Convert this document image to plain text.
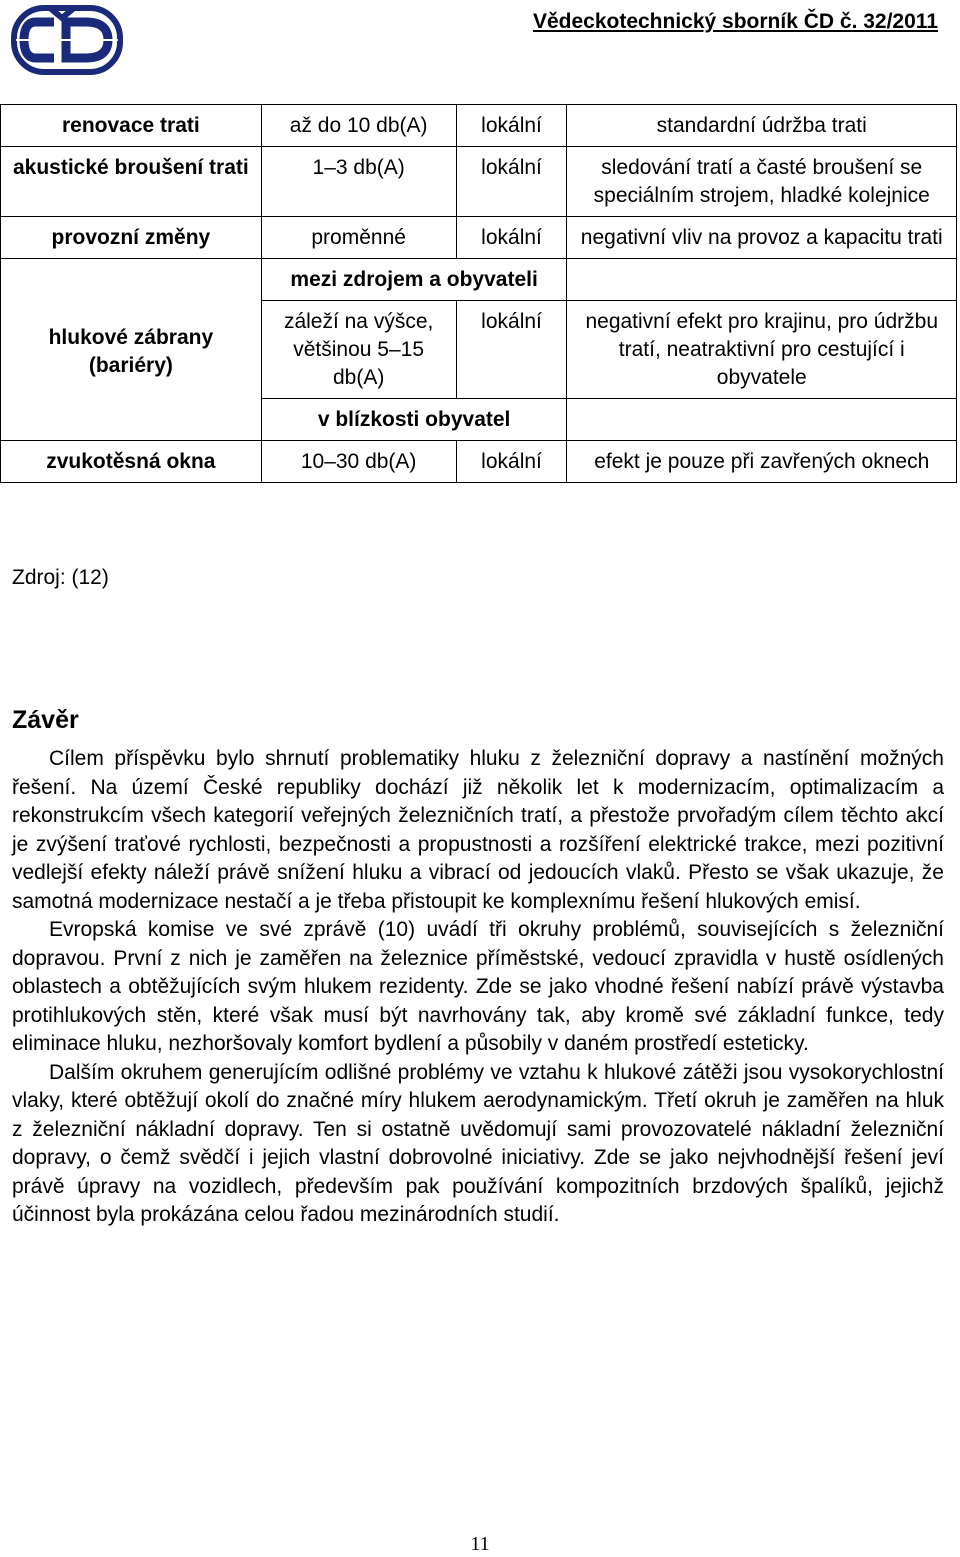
Vědeckotechnický sborník ČD č. 32/2011
renovace trati	až do 10 db(A)	lokální	standardní údržba trati
akustické broušení trati	1–3 db(A)	lokální	sledování tratí a časté broušení se speciálním strojem, hladké kolejnice
provozní změny	proměnné	lokální	negativní vliv na provoz a kapacitu trati
hlukové zábrany (bariéry)	mezi zdrojem a obyvateli		
	záleží na výšce, většinou 5–15 db(A)	lokální	negativní efekt pro krajinu, pro údržbu tratí, neatraktivní pro cestující i obyvatele
	v blízkosti obyvatel		
zvukotěsná okna	10–30 db(A)	lokální	efekt je pouze při zavřených oknech
Zdroj: (12)
Závěr

Cílem příspěvku bylo shrnutí problematiky hluku z železniční dopravy a nastínění možných řešení. Na území České republiky dochází již několik let k modernizacím, optimalizacím a rekonstrukcím všech kategorií veřejných železničních tratí, a přestože prvořadým cílem těchto akcí je zvýšení traťové rychlosti, bezpečnosti a propustnosti a rozšíření elektrické trakce, mezi pozitivní vedlejší efekty náleží právě snížení hluku a vibrací od jedoucích vlaků. Přesto se však ukazuje, že samotná modernizace nestačí a je třeba přistoupit ke komplexnímu řešení hlukových emisí.

Evropská komise ve své zprávě (10) uvádí tři okruhy problémů, souvisejících s železniční dopravou. První z nich je zaměřen na železnice příměstské, vedoucí zpravidla v hustě osídlených oblastech a obtěžujících svým hlukem rezidenty. Zde se jako vhodné řešení nabízí právě výstavba protihlukových stěn, které však musí být navrhovány tak, aby kromě své základní funkce, tedy eliminace hluku, nezhoršovaly komfort bydlení a působily v daném prostředí esteticky.

Dalším okruhem generujícím odlišné problémy ve vztahu k hlukové zátěži jsou vysokorychlostní vlaky, které obtěžují okolí do značné míry hlukem aerodynamickým. Třetí okruh je zaměřen na hluk z železniční nákladní dopravy. Ten si ostatně uvědomují sami provozovatelé nákladní železniční dopravy, o čemž svědčí i jejich vlastní dobrovolné iniciativy. Zde se jako nejvhodnější řešení jeví právě úpravy na vozidlech, především pak používání kompozitních brzdových špalíků, jejichž účinnost byla prokázána celou řadou mezinárodních studií.

11
